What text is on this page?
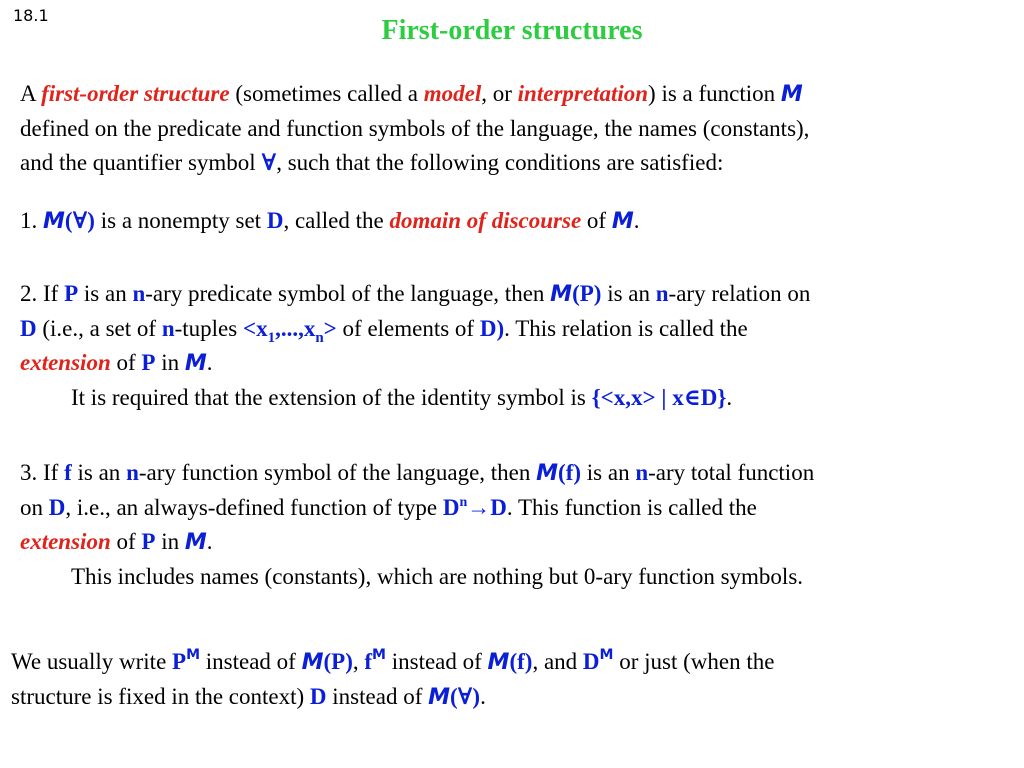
18.1	First-order structures
A first-order structure (sometimes called a model, or interpretation) is a function M
defined on the predicate and function symbols of the language, the names (constants),
and the quantifier symbol ∀, such that the following conditions are satisfied:
1. M(∀) is a nonempty set D, called the domain of discourse of M.
2. If P is an n-ary predicate symbol of the language, then M(P) is an n-ary relation on
D (i.e., a set of n-tuples $<x_1,...,x_n>$ of elements of D). This relation is called the
extension of P in M.
It is required that the extension of the identity symbol is {<x,x> | x∈D}.
3. If f is an n-ary function symbol of the language, then M(f) is an n-ary total function
on D, i.e., an always-defined function of type $D^n\to D$. This function is called the
extension of P in M.
This includes names (constants), which are nothing but 0-ary function symbols.
We usually write $P^M$ instead of M(P), $f^M$ instead of M(f), and $D^M$ or just (when the
structure is fixed in the context) D instead of M(∀).
